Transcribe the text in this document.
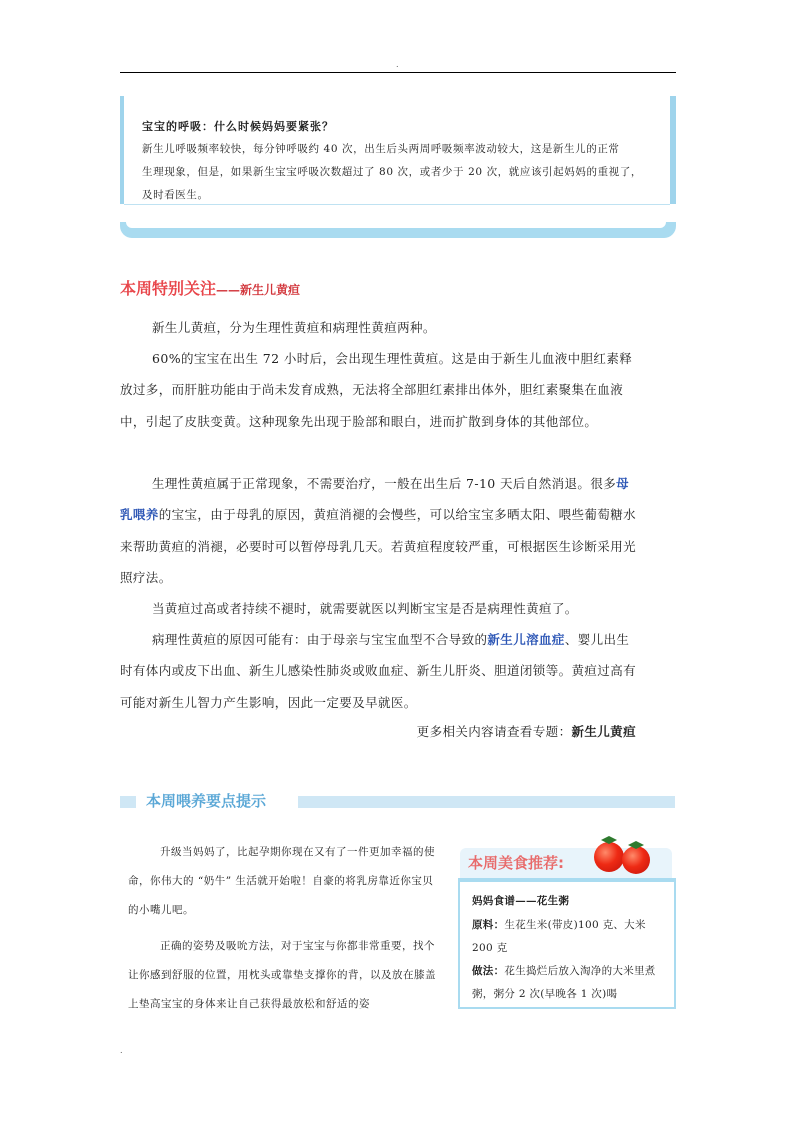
.
宝宝的呼吸：什么时候妈妈要紧张？
新生儿呼吸频率较快，每分钟呼吸约 40 次，出生后头两周呼吸频率波动较大，这是新生儿的正常
生理现象，但是，如果新生宝宝呼吸次数超过了 80 次，或者少于 20 次，就应该引起妈妈的重视了，
及时看医生。
本周特别关注——新生儿黄疸

新生儿黄疸，分为生理性黄疸和病理性黄疸两种。

60%的宝宝在出生 72 小时后，会出现生理性黄疸。这是由于新生儿血液中胆红素释放过多，而肝脏功能由于尚未发育成熟，无法将全部胆红素排出体外，胆红素聚集在血液中，引起了皮肤变黄。这种现象先出现于脸部和眼白，进而扩散到身体的其他部位。

生理性黄疸属于正常现象，不需要治疗，一般在出生后 7-10 天后自然消退。很多母乳喂养的宝宝，由于母乳的原因，黄疸消褪的会慢些，可以给宝宝多晒太阳、喂些葡萄糖水来帮助黄疸的消褪，必要时可以暂停母乳几天。若黄疸程度较严重，可根据医生诊断采用光照疗法。

当黄疸过高或者持续不褪时，就需要就医以判断宝宝是否是病理性黄疸了。

病理性黄疸的原因可能有：由于母亲与宝宝血型不合导致的新生儿溶血症、婴儿出生时有体内或皮下出血、新生儿感染性肺炎或败血症、新生儿肝炎、胆道闭锁等。黄疸过高有可能对新生儿智力产生影响，因此一定要及早就医。

更多相关内容请查看专题：新生儿黄疸
本周喂养要点提示

升级当妈妈了，比起孕期你现在又有了一件更加幸福的使命，你伟大的 “奶牛” 生活就开始啦！自豪的将乳房靠近你宝贝的小嘴儿吧。

正确的姿势及吸吮方法，对于宝宝与你都非常重要，找个让你感到舒服的位置，用枕头或靠垫支撑你的背，以及放在膝盖上垫高宝宝的身体来让自己获得最放松和舒适的姿

本周美食推荐:

妈妈食谱——花生粥

原料：生花生米(带皮)100 克、大米 200 克

做法：花生捣烂后放入淘净的大米里煮粥，粥分 2 次(早晚各 1 次)喝

.
